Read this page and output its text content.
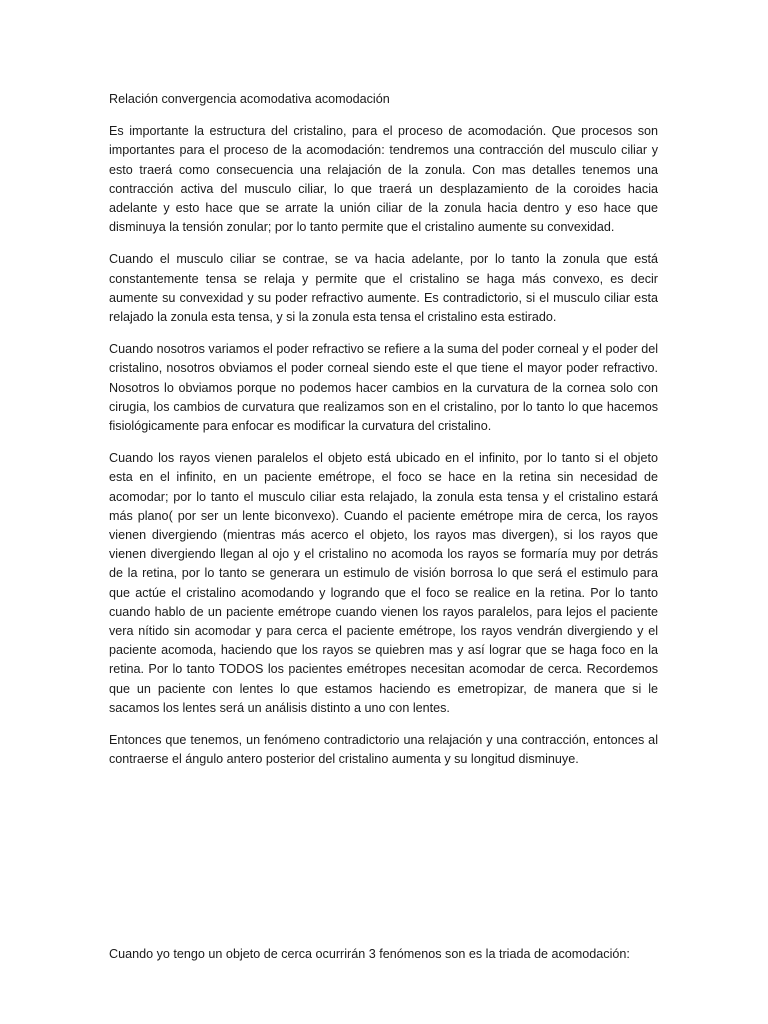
Relación convergencia acomodativa acomodación

Es importante la estructura del cristalino, para el proceso de acomodación. Que procesos son importantes para el proceso de la acomodación: tendremos una contracción del musculo ciliar y esto traerá como consecuencia una relajación de la zonula. Con mas detalles tenemos una contracción activa del musculo ciliar, lo que traerá un desplazamiento de la coroides hacia adelante y esto hace que se arrate la unión ciliar de la zonula hacia dentro y eso hace que disminuya la tensión zonular; por lo tanto permite que el cristalino aumente su convexidad.

Cuando el musculo ciliar se contrae, se va hacia adelante, por lo tanto la zonula que está constantemente tensa se relaja y permite que el cristalino se haga más convexo, es decir aumente su convexidad y su poder refractivo aumente. Es contradictorio, si el musculo ciliar esta relajado la zonula esta tensa, y si la zonula esta tensa el cristalino esta estirado.

Cuando nosotros variamos el poder refractivo se refiere a la suma del poder corneal y el poder del cristalino, nosotros obviamos el poder corneal siendo este el que tiene el mayor poder refractivo. Nosotros lo obviamos porque no podemos hacer cambios en la curvatura de la cornea solo con cirugia, los cambios de curvatura que realizamos son en el cristalino, por lo tanto lo que hacemos fisiológicamente para enfocar es modificar la curvatura del cristalino.

Cuando los rayos vienen paralelos el objeto está ubicado en el infinito, por lo tanto si el objeto esta en el infinito, en un paciente emétrope, el foco se hace en la retina sin necesidad de acomodar; por lo tanto el musculo ciliar esta relajado, la zonula esta tensa y el cristalino estará más plano( por ser un lente biconvexo). Cuando el paciente emétrope mira de cerca, los rayos vienen divergiendo (mientras más acerco el objeto, los rayos mas divergen), si los rayos que vienen divergiendo llegan al ojo y el cristalino no acomoda los rayos se formaría muy por detrás de la retina, por lo tanto se generara un estimulo de visión borrosa lo que será el estimulo para que actúe el cristalino acomodando y logrando que el foco se realice en la retina. Por lo tanto cuando hablo de un paciente emétrope cuando vienen los rayos paralelos, para lejos el paciente vera nítido sin acomodar y para cerca el paciente emétrope, los rayos vendrán divergiendo y el paciente acomoda, haciendo que los rayos se quiebren mas y así lograr que se haga foco en la retina. Por lo tanto TODOS los pacientes emétropes necesitan acomodar de cerca. Recordemos que un paciente con lentes lo que estamos haciendo es emetropizar, de manera que si le sacamos los lentes será un análisis distinto a uno con lentes.

Entonces que tenemos, un fenómeno contradictorio una relajación y una contracción, entonces al contraerse el ángulo antero posterior del cristalino aumenta y su longitud disminuye.

Cuando yo tengo un objeto de cerca ocurrirán 3 fenómenos son es la triada de acomodación:
